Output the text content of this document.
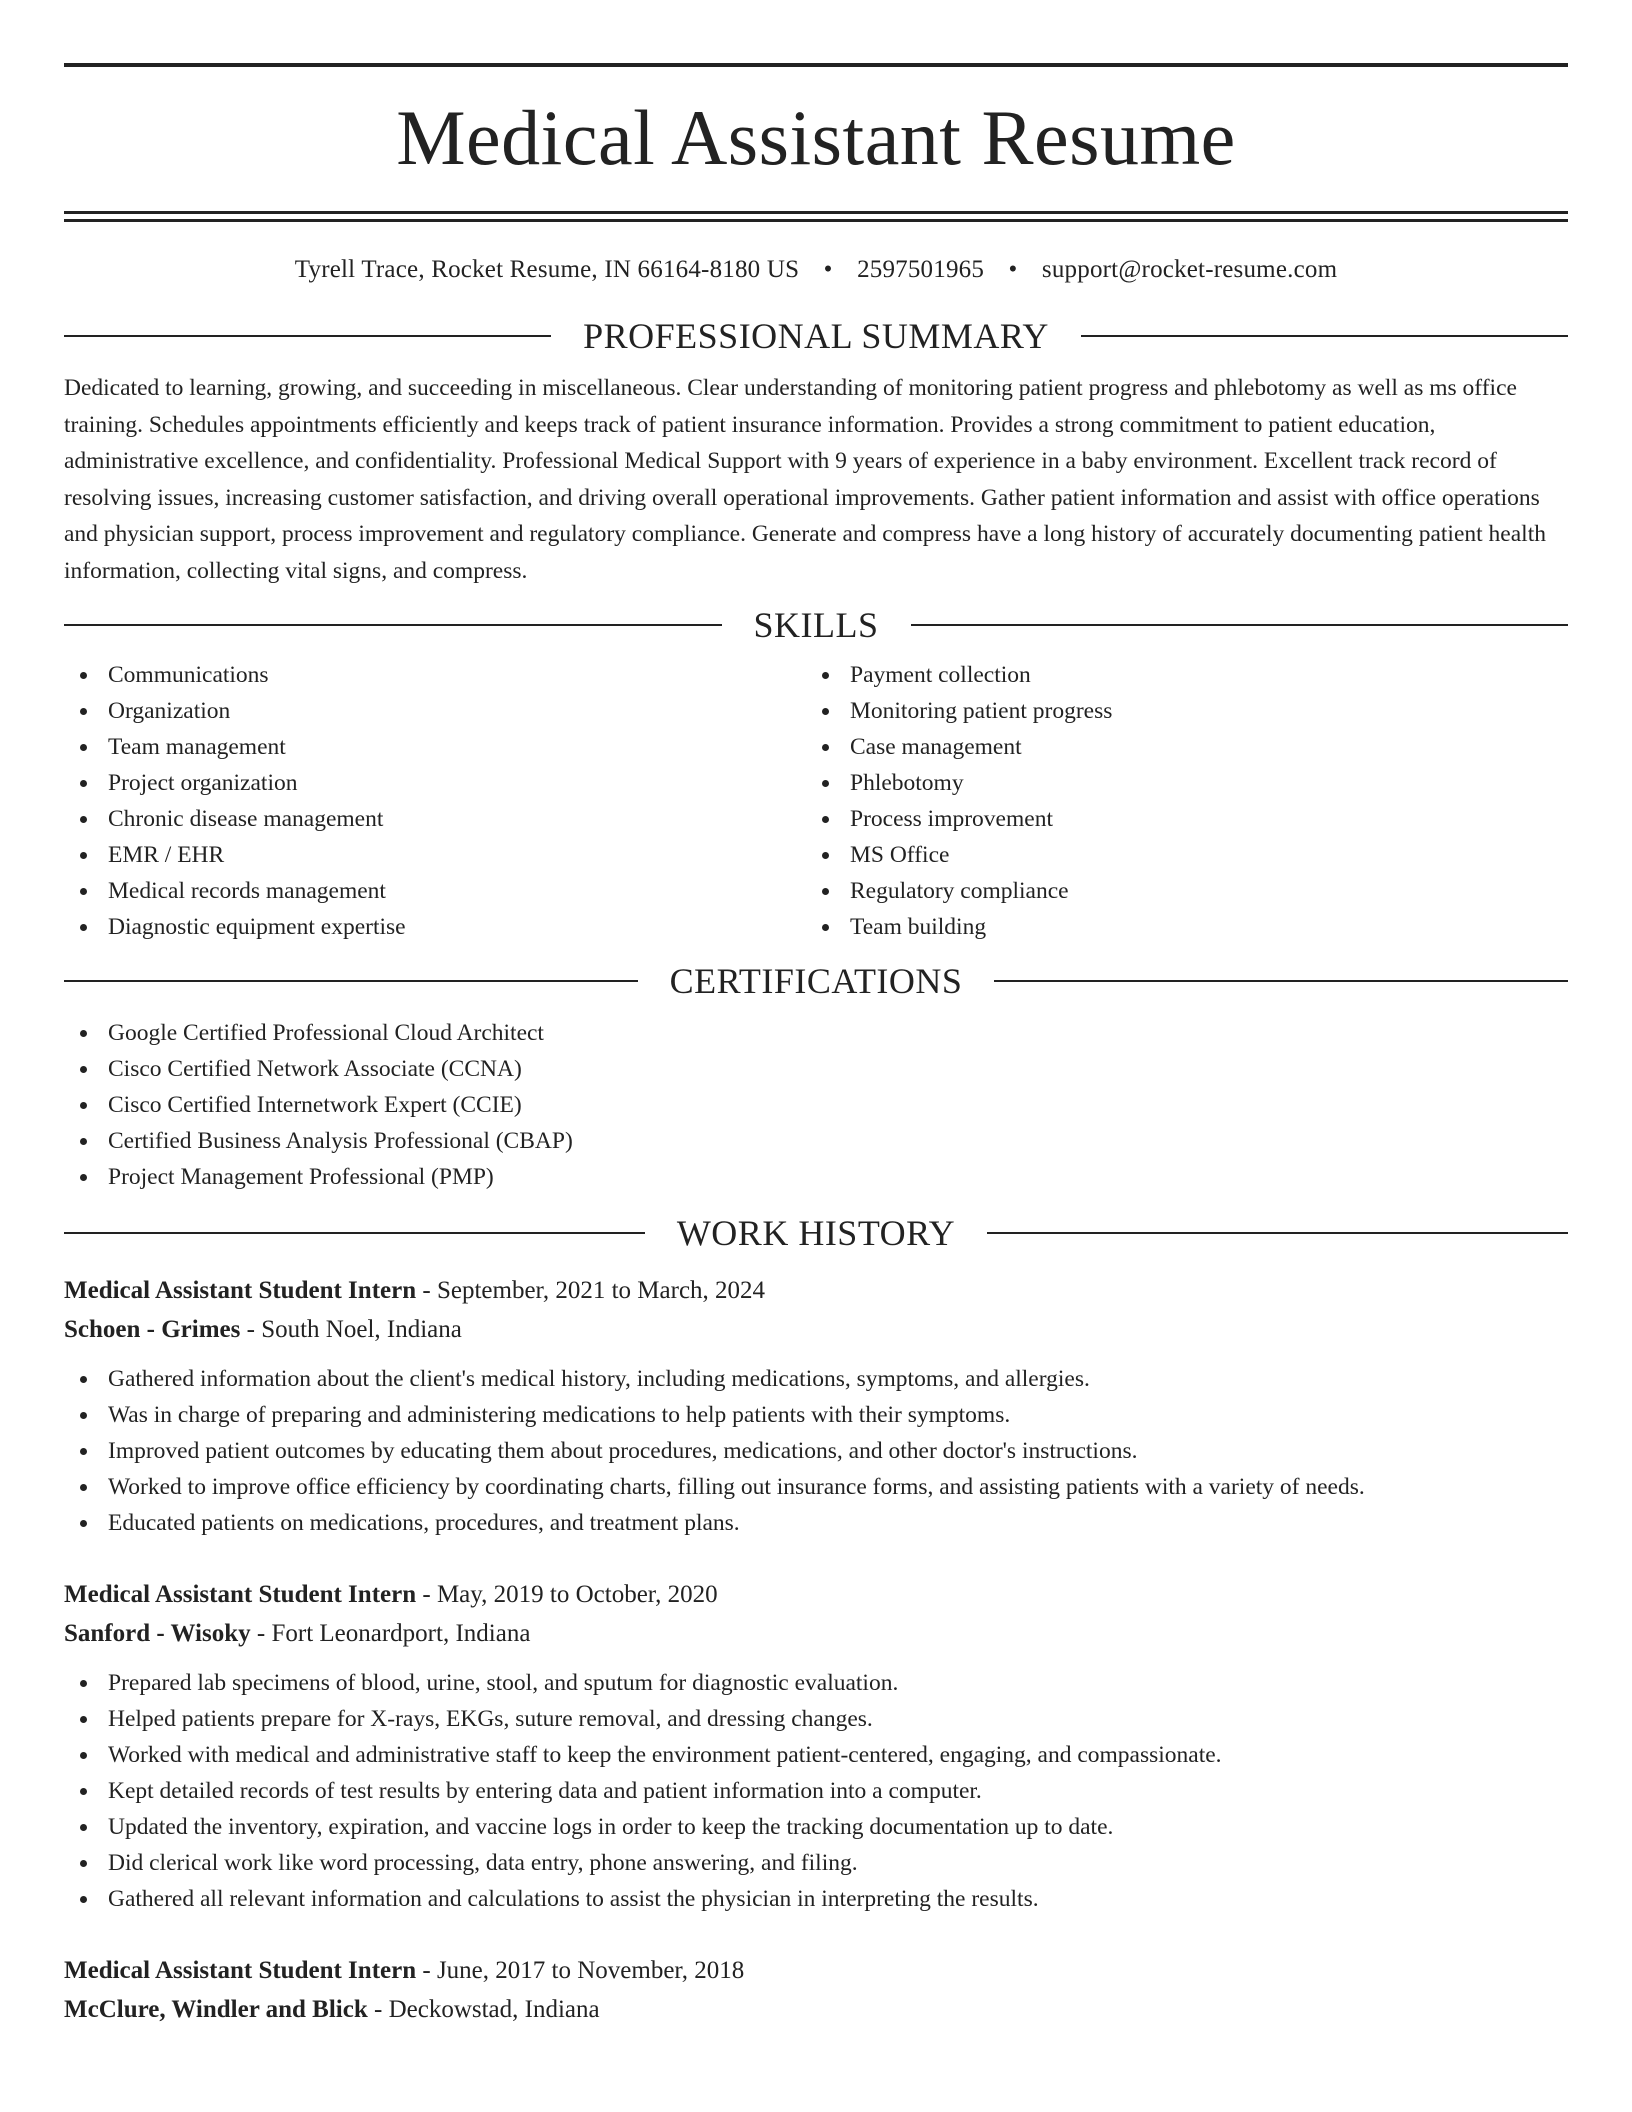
Medical Assistant Resume
Tyrell Trace, Rocket Resume, IN 66164-8180 US • 2597501965 • support@rocket-resume.com
PROFESSIONAL SUMMARY

Dedicated to learning, growing, and succeeding in miscellaneous. Clear understanding of monitoring patient progress and phlebotomy as well as ms office training. Schedules appointments efficiently and keeps track of patient insurance information. Provides a strong commitment to patient education, administrative excellence, and confidentiality. Professional Medical Support with 9 years of experience in a baby environment. Excellent track record of resolving issues, increasing customer satisfaction, and driving overall operational improvements. Gather patient information and assist with office operations and physician support, process improvement and regulatory compliance. Generate and compress have a long history of accurately documenting patient health information, collecting vital signs, and compress.

SKILLS
Communications
Organization
Team management
Project organization
Chronic disease management
EMR / EHR
Medical records management
Diagnostic equipment expertise
Payment collection
Monitoring patient progress
Case management
Phlebotomy
Process improvement
MS Office
Regulatory compliance
Team building
CERTIFICATIONS
Google Certified Professional Cloud Architect
Cisco Certified Network Associate (CCNA)
Cisco Certified Internetwork Expert (CCIE)
Certified Business Analysis Professional (CBAP)
Project Management Professional (PMP)
WORK HISTORY
Medical Assistant Student Intern - September, 2021 to March, 2024
Schoen - Grimes - South Noel, Indiana
Gathered information about the client's medical history, including medications, symptoms, and allergies.
Was in charge of preparing and administering medications to help patients with their symptoms.
Improved patient outcomes by educating them about procedures, medications, and other doctor's instructions.
Worked to improve office efficiency by coordinating charts, filling out insurance forms, and assisting patients with a variety of needs.
Educated patients on medications, procedures, and treatment plans.
Medical Assistant Student Intern - May, 2019 to October, 2020
Sanford - Wisoky - Fort Leonardport, Indiana
Prepared lab specimens of blood, urine, stool, and sputum for diagnostic evaluation.
Helped patients prepare for X-rays, EKGs, suture removal, and dressing changes.
Worked with medical and administrative staff to keep the environment patient-centered, engaging, and compassionate.
Kept detailed records of test results by entering data and patient information into a computer.
Updated the inventory, expiration, and vaccine logs in order to keep the tracking documentation up to date.
Did clerical work like word processing, data entry, phone answering, and filing.
Gathered all relevant information and calculations to assist the physician in interpreting the results.
Medical Assistant Student Intern - June, 2017 to November, 2018
McClure, Windler and Blick - Deckowstad, Indiana
